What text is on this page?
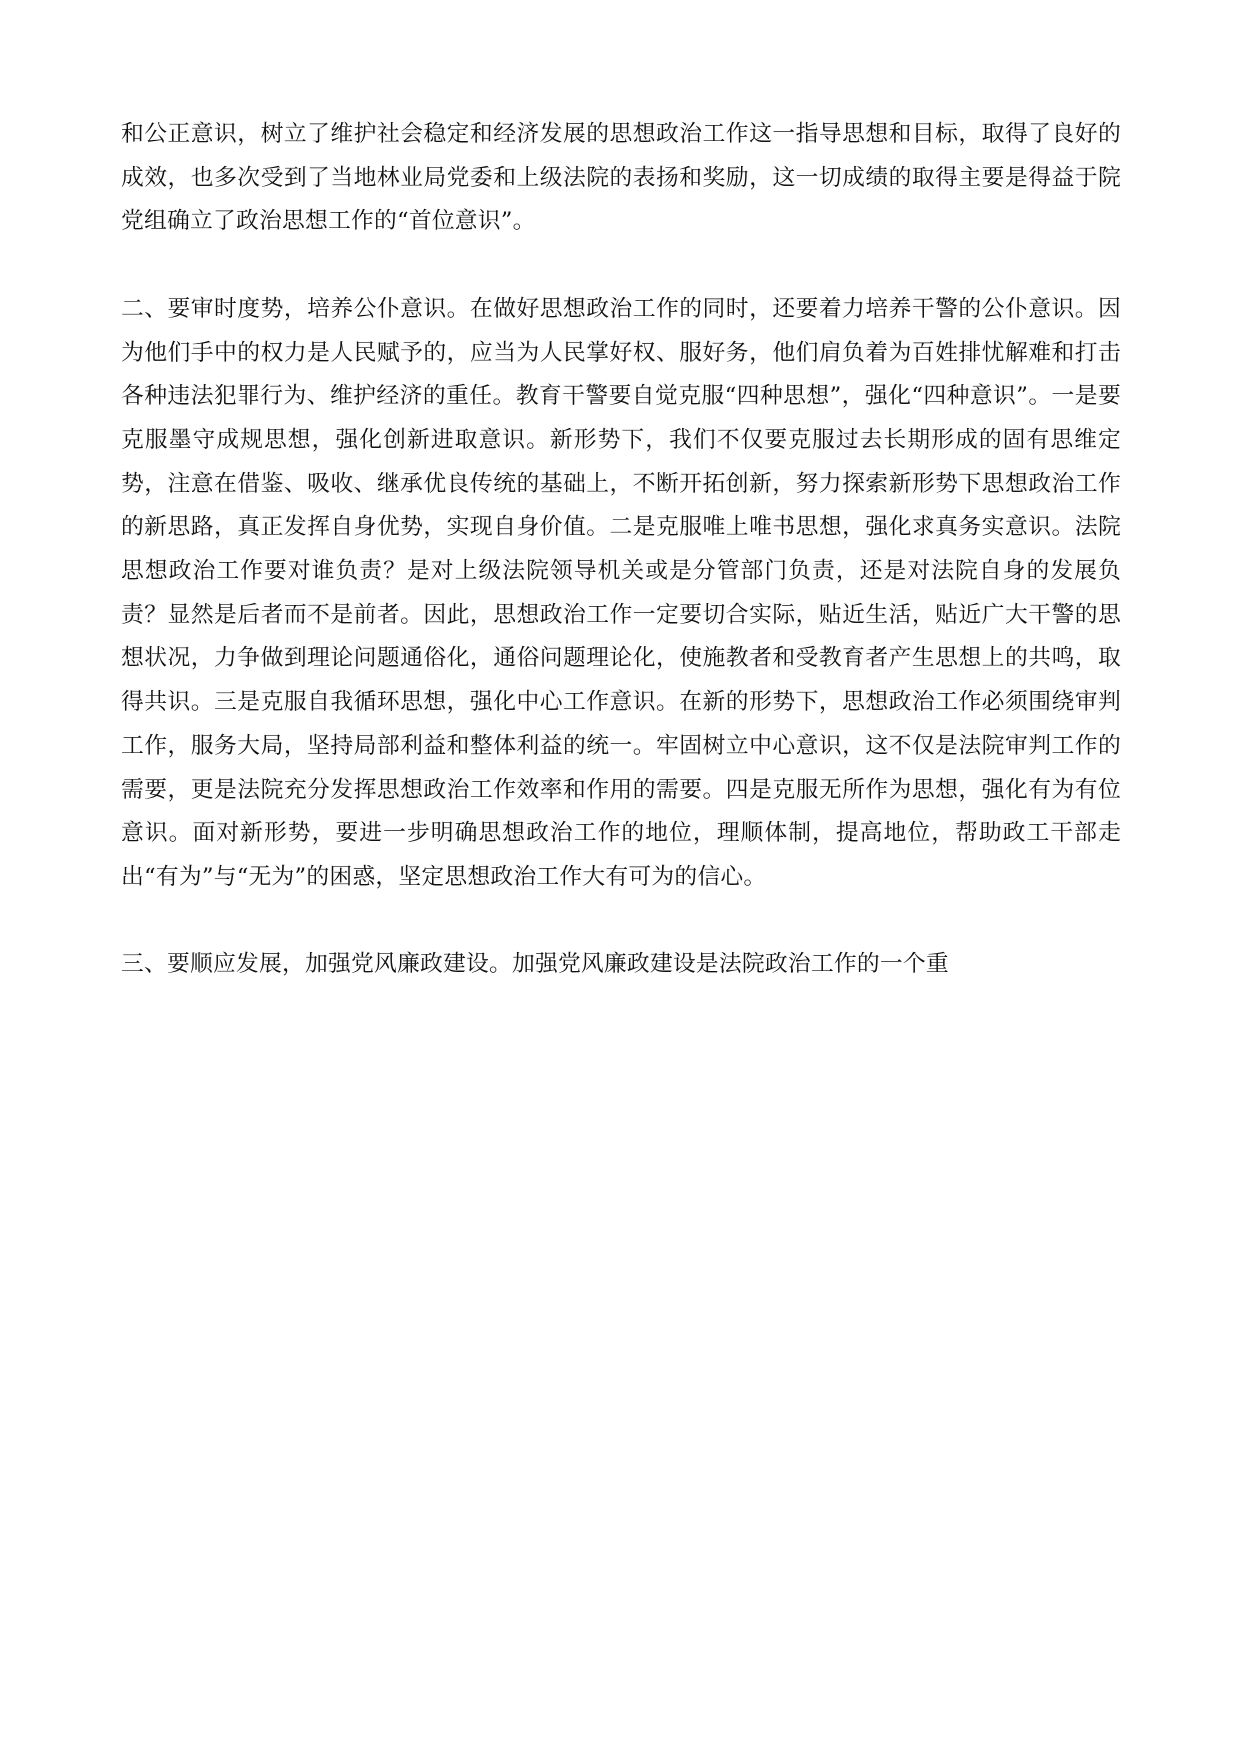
和公正意识，树立了维护社会稳定和经济发展的思想政治工作这一指导思想和目标，取得了良好的成效，也多次受到了当地林业局党委和上级法院的表扬和奖励，这一切成绩的取得主要是得益于院党组确立了政治思想工作的“首位意识”。

二、要审时度势，培养公仆意识。在做好思想政治工作的同时，还要着力培养干警的公仆意识。因为他们手中的权力是人民赋予的，应当为人民掌好权、服好务，他们肩负着为百姓排忧解难和打击各种违法犯罪行为、维护经济的重任。教育干警要自觉克服“四种思想”，强化“四种意识”。一是要克服墨守成规思想，强化创新进取意识。新形势下，我们不仅要克服过去长期形成的固有思维定势，注意在借鉴、吸收、继承优良传统的基础上，不断开拓创新，努力探索新形势下思想政治工作的新思路，真正发挥自身优势，实现自身价值。二是克服唯上唯书思想，强化求真务实意识。法院思想政治工作要对谁负责？是对上级法院领导机关或是分管部门负责，还是对法院自身的发展负责？显然是后者而不是前者。因此，思想政治工作一定要切合实际，贴近生活，贴近广大干警的思想状况，力争做到理论问题通俗化，通俗问题理论化，使施教者和受教育者产生思想上的共鸣，取得共识。三是克服自我循环思想，强化中心工作意识。在新的形势下，思想政治工作必须围绕审判工作，服务大局，坚持局部利益和整体利益的统一。牢固树立中心意识，这不仅是法院审判工作的需要，更是法院充分发挥思想政治工作效率和作用的需要。四是克服无所作为思想，强化有为有位意识。面对新形势，要进一步明确思想政治工作的地位，理顺体制，提高地位，帮助政工干部走出“有为”与“无为”的困惑，坚定思想政治工作大有可为的信心。

三、要顺应发展，加强党风廉政建设。加强党风廉政建设是法院政治工作的一个重
